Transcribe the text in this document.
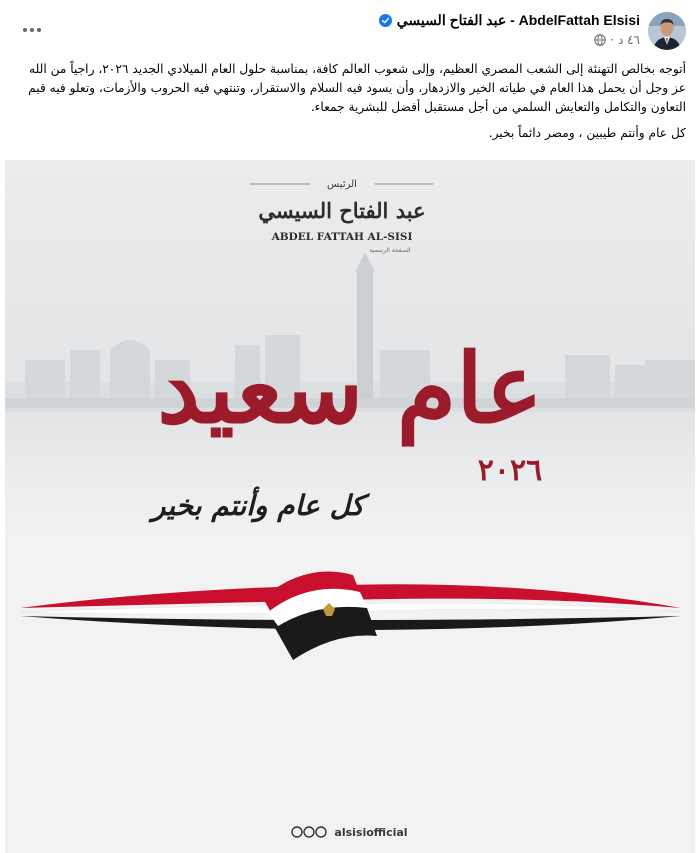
AbdelFattah Elsisi - عبد الفتاح السيسي
٤٦ د
·

أتوجه بخالص التهنئة إلى الشعب المصري العظيم، وإلى شعوب العالم كافة، بمناسبة حلول العام الميلادي الجديد ٢٠٢٦، راجياً من الله عز وجل أن يحمل هذا العام في طياته الخير والازدهار، وأن يسود فيه السلام والاستقرار، وتنتهي فيه الحروب والأزمات، وتعلو فيه قيم التعاون والتكامل والتعايش السلمي من أجل مستقبل أفضل للبشرية جمعاء.

كل عام وأنتم طيبين ، ومصر دائماً بخير.

الرئيس
عبد الفتاح السيسي
ABDEL FATTAH AL-SISI
الصفحة الرسمية
عام سعيد
٢٠٢٦
كل عام وأنتم بخير
alsisiofficial
